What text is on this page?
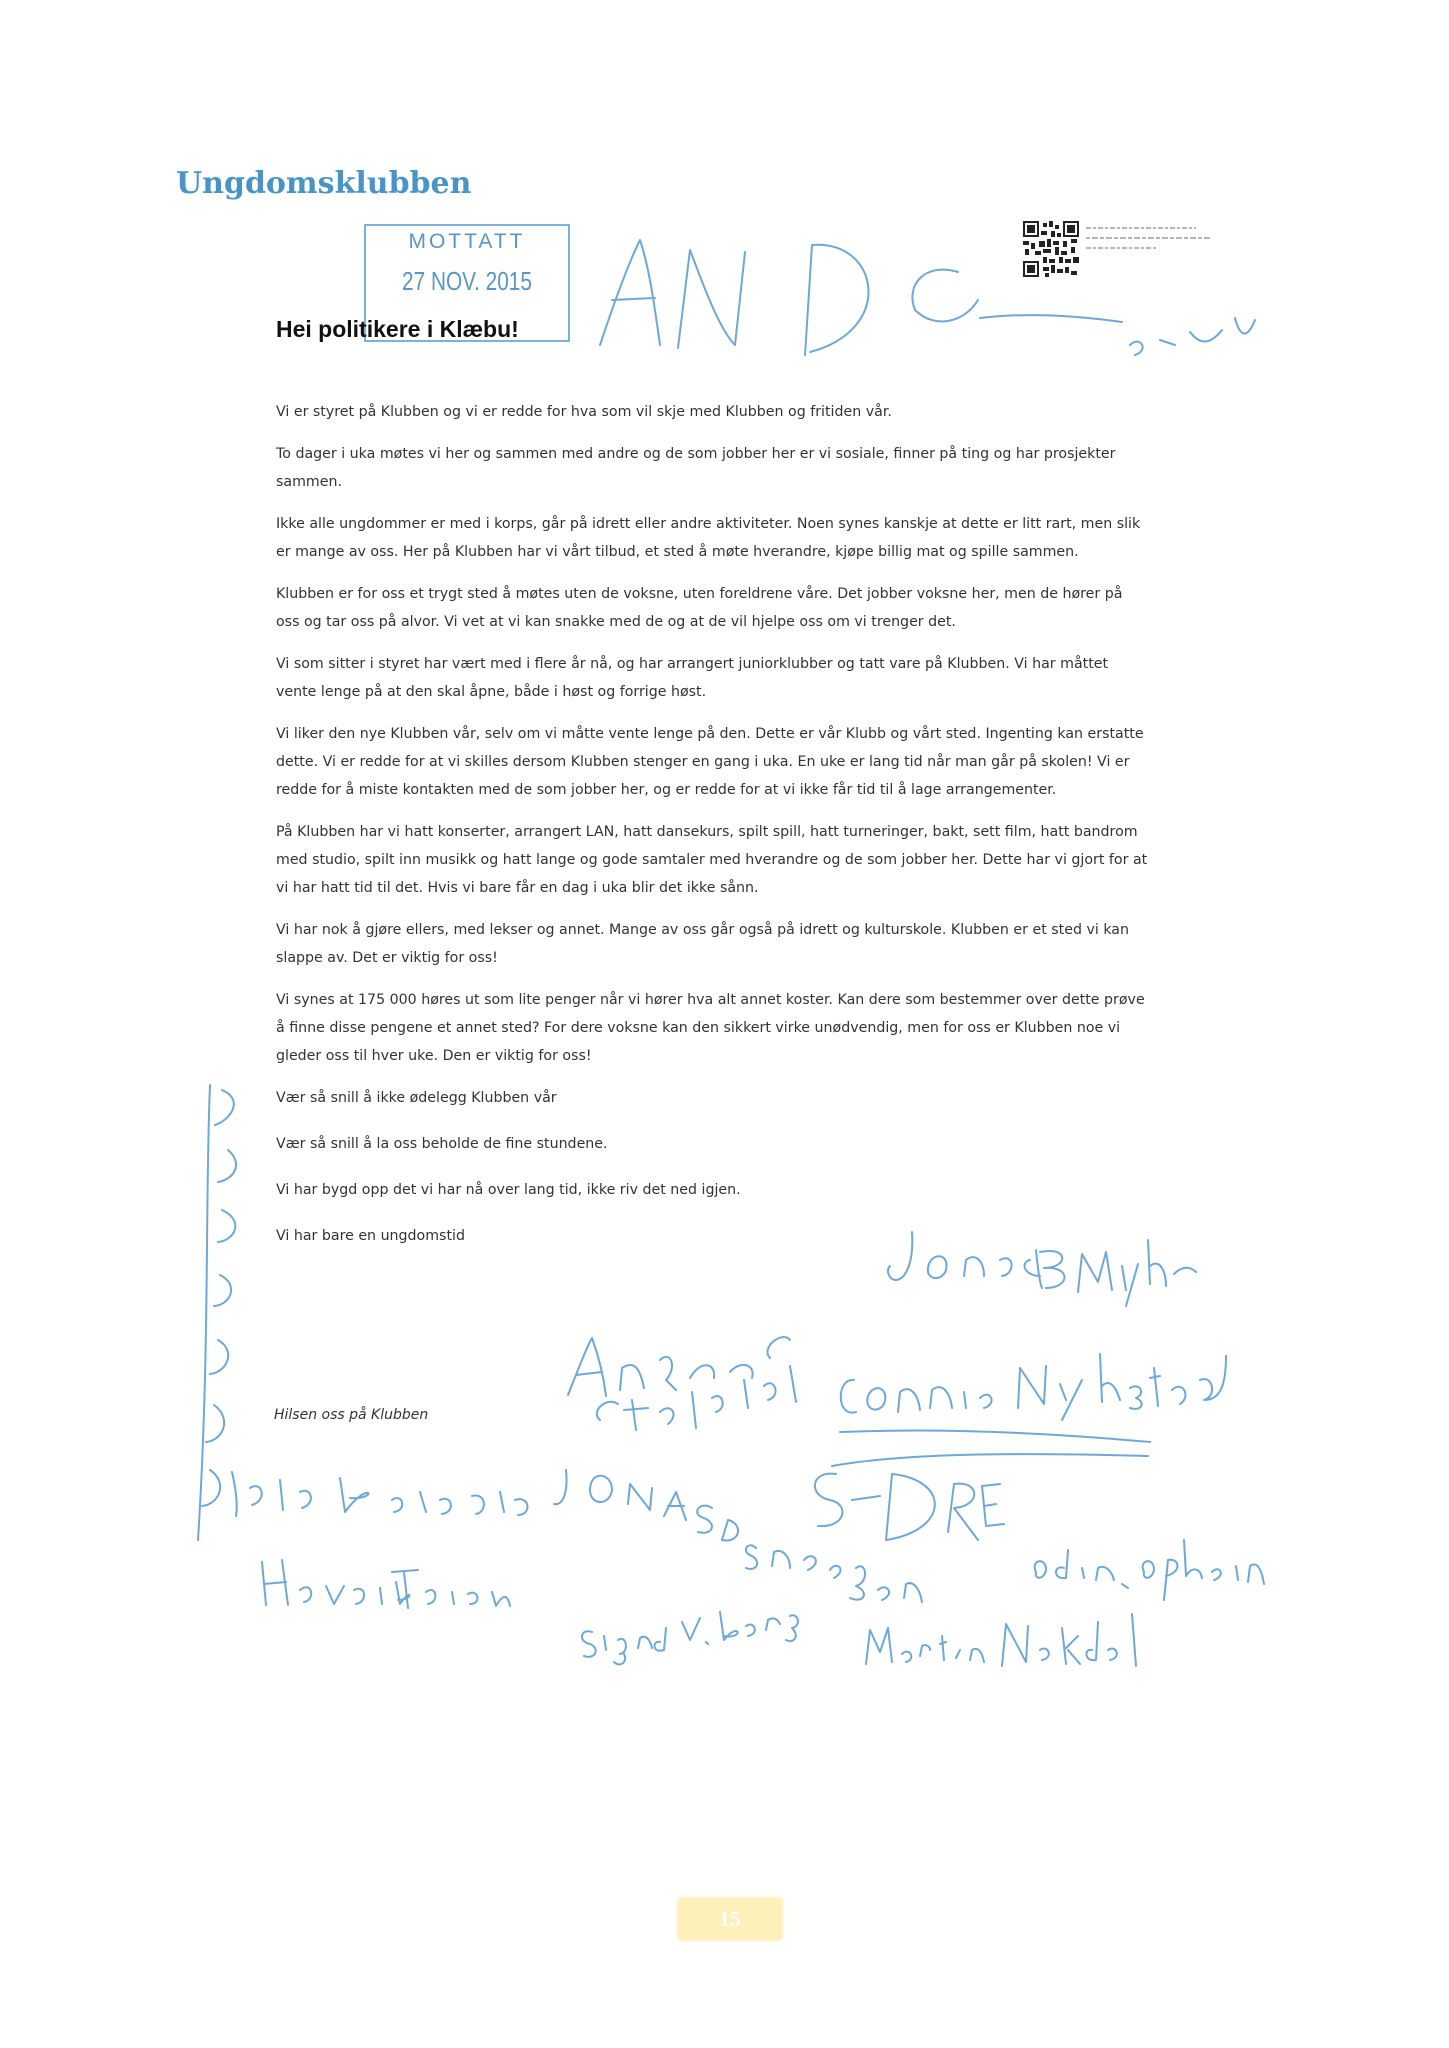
Ungdomsklubben
MOTTATT
27 NOV. 2015
Hei politikere i Klæbu!

Vi er styret på Klubben og vi er redde for hva som vil skje med Klubben og fritiden vår.

To dager i uka møtes vi her og sammen med andre og de som jobber her er vi sosiale, finner på ting og har prosjekter sammen.

Ikke alle ungdommer er med i korps, går på idrett eller andre aktiviteter. Noen synes kanskje at dette er litt rart, men slik er mange av oss. Her på Klubben har vi vårt tilbud, et sted å møte hverandre, kjøpe billig mat og spille sammen.

Klubben er for oss et trygt sted å møtes uten de voksne, uten foreldrene våre. Det jobber voksne her, men de hører på oss og tar oss på alvor. Vi vet at vi kan snakke med de og at de vil hjelpe oss om vi trenger det.

Vi som sitter i styret har vært med i flere år nå, og har arrangert juniorklubber og tatt vare på Klubben. Vi har måttet vente lenge på at den skal åpne, både i høst og forrige høst.

Vi liker den nye Klubben vår, selv om vi måtte vente lenge på den. Dette er vår Klubb og vårt sted. Ingenting kan erstatte dette. Vi er redde for at vi skilles dersom Klubben stenger en gang i uka. En uke er lang tid når man går på skolen! Vi er redde for å miste kontakten med de som jobber her, og er redde for at vi ikke får tid til å lage arrangementer.

På Klubben har vi hatt konserter, arrangert LAN, hatt dansekurs, spilt spill, hatt turneringer, bakt, sett film, hatt bandrom med studio, spilt inn musikk og hatt lange og gode samtaler med hverandre og de som jobber her. Dette har vi gjort for at vi har hatt tid til det. Hvis vi bare får en dag i uka blir det ikke sånn.

Vi har nok å gjøre ellers, med lekser og annet. Mange av oss går også på idrett og kulturskole. Klubben er et sted vi kan slappe av. Det er viktig for oss!

Vi synes at 175 000 høres ut som lite penger når vi hører hva alt annet koster. Kan dere som bestemmer over dette prøve å finne disse pengene et annet sted? For dere voksne kan den sikkert virke unødvendig, men for oss er Klubben noe vi gleder oss til hver uke. Den er viktig for oss!

Vær så snill å ikke ødelegg Klubben vår

Vær så snill å la oss beholde de fine stundene.

Vi har bygd opp det vi har nå over lang tid, ikke riv det ned igjen.

Vi har bare en ungdomstid

Hilsen oss på Klubben

15
